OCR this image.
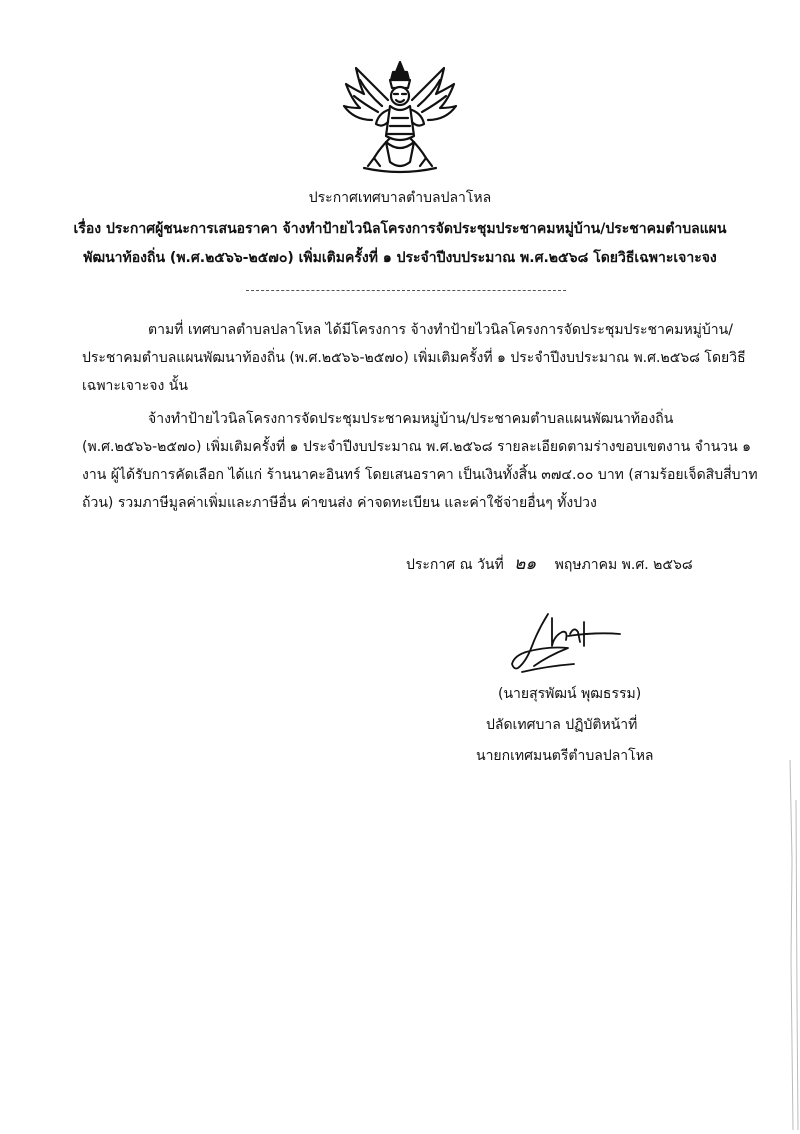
ประกาศเทศบาลตำบลปลาโหล
เรื่อง ประกาศผู้ชนะการเสนอราคา จ้างทำป้ายไวนิลโครงการจัดประชุมประชาคมหมู่บ้าน/ประชาคมตำบลแผน
พัฒนาท้องถิ่น (พ.ศ.๒๕๖๖-๒๕๗๐) เพิ่มเติมครั้งที่ ๑ ประจำปีงบประมาณ พ.ศ.๒๕๖๘ โดยวิธีเฉพาะเจาะจง
ตามที่ เทศบาลตำบลปลาโหล ได้มีโครงการ จ้างทำป้ายไวนิลโครงการจัดประชุมประชาคมหมู่บ้าน/
ประชาคมตำบลแผนพัฒนาท้องถิ่น (พ.ศ.๒๕๖๖-๒๕๗๐) เพิ่มเติมครั้งที่ ๑ ประจำปีงบประมาณ พ.ศ.๒๕๖๘ โดยวิธี
เฉพาะเจาะจง นั้น
จ้างทำป้ายไวนิลโครงการจัดประชุมประชาคมหมู่บ้าน/ประชาคมตำบลแผนพัฒนาท้องถิ่น
(พ.ศ.๒๕๖๖-๒๕๗๐) เพิ่มเติมครั้งที่ ๑ ประจำปีงบประมาณ พ.ศ.๒๕๖๘ รายละเอียดตามร่างขอบเขตงาน จำนวน ๑
งาน ผู้ได้รับการคัดเลือก ได้แก่ ร้านนาคะอินทร์ โดยเสนอราคา เป็นเงินทั้งสิ้น ๓๗๔.๐๐ บาท (สามร้อยเจ็ดสิบสี่บาท
ถ้วน) รวมภาษีมูลค่าเพิ่มและภาษีอื่น ค่าขนส่ง ค่าจดทะเบียน และค่าใช้จ่ายอื่นๆ ทั้งปวง
ประกาศ ณ วันที่ ๒๑ พฤษภาคม พ.ศ. ๒๕๖๘
(นายสุรพัฒน์ พุฒธรรม)
ปลัดเทศบาล ปฏิบัติหน้าที่
นายกเทศมนตรีตำบลปลาโหล
